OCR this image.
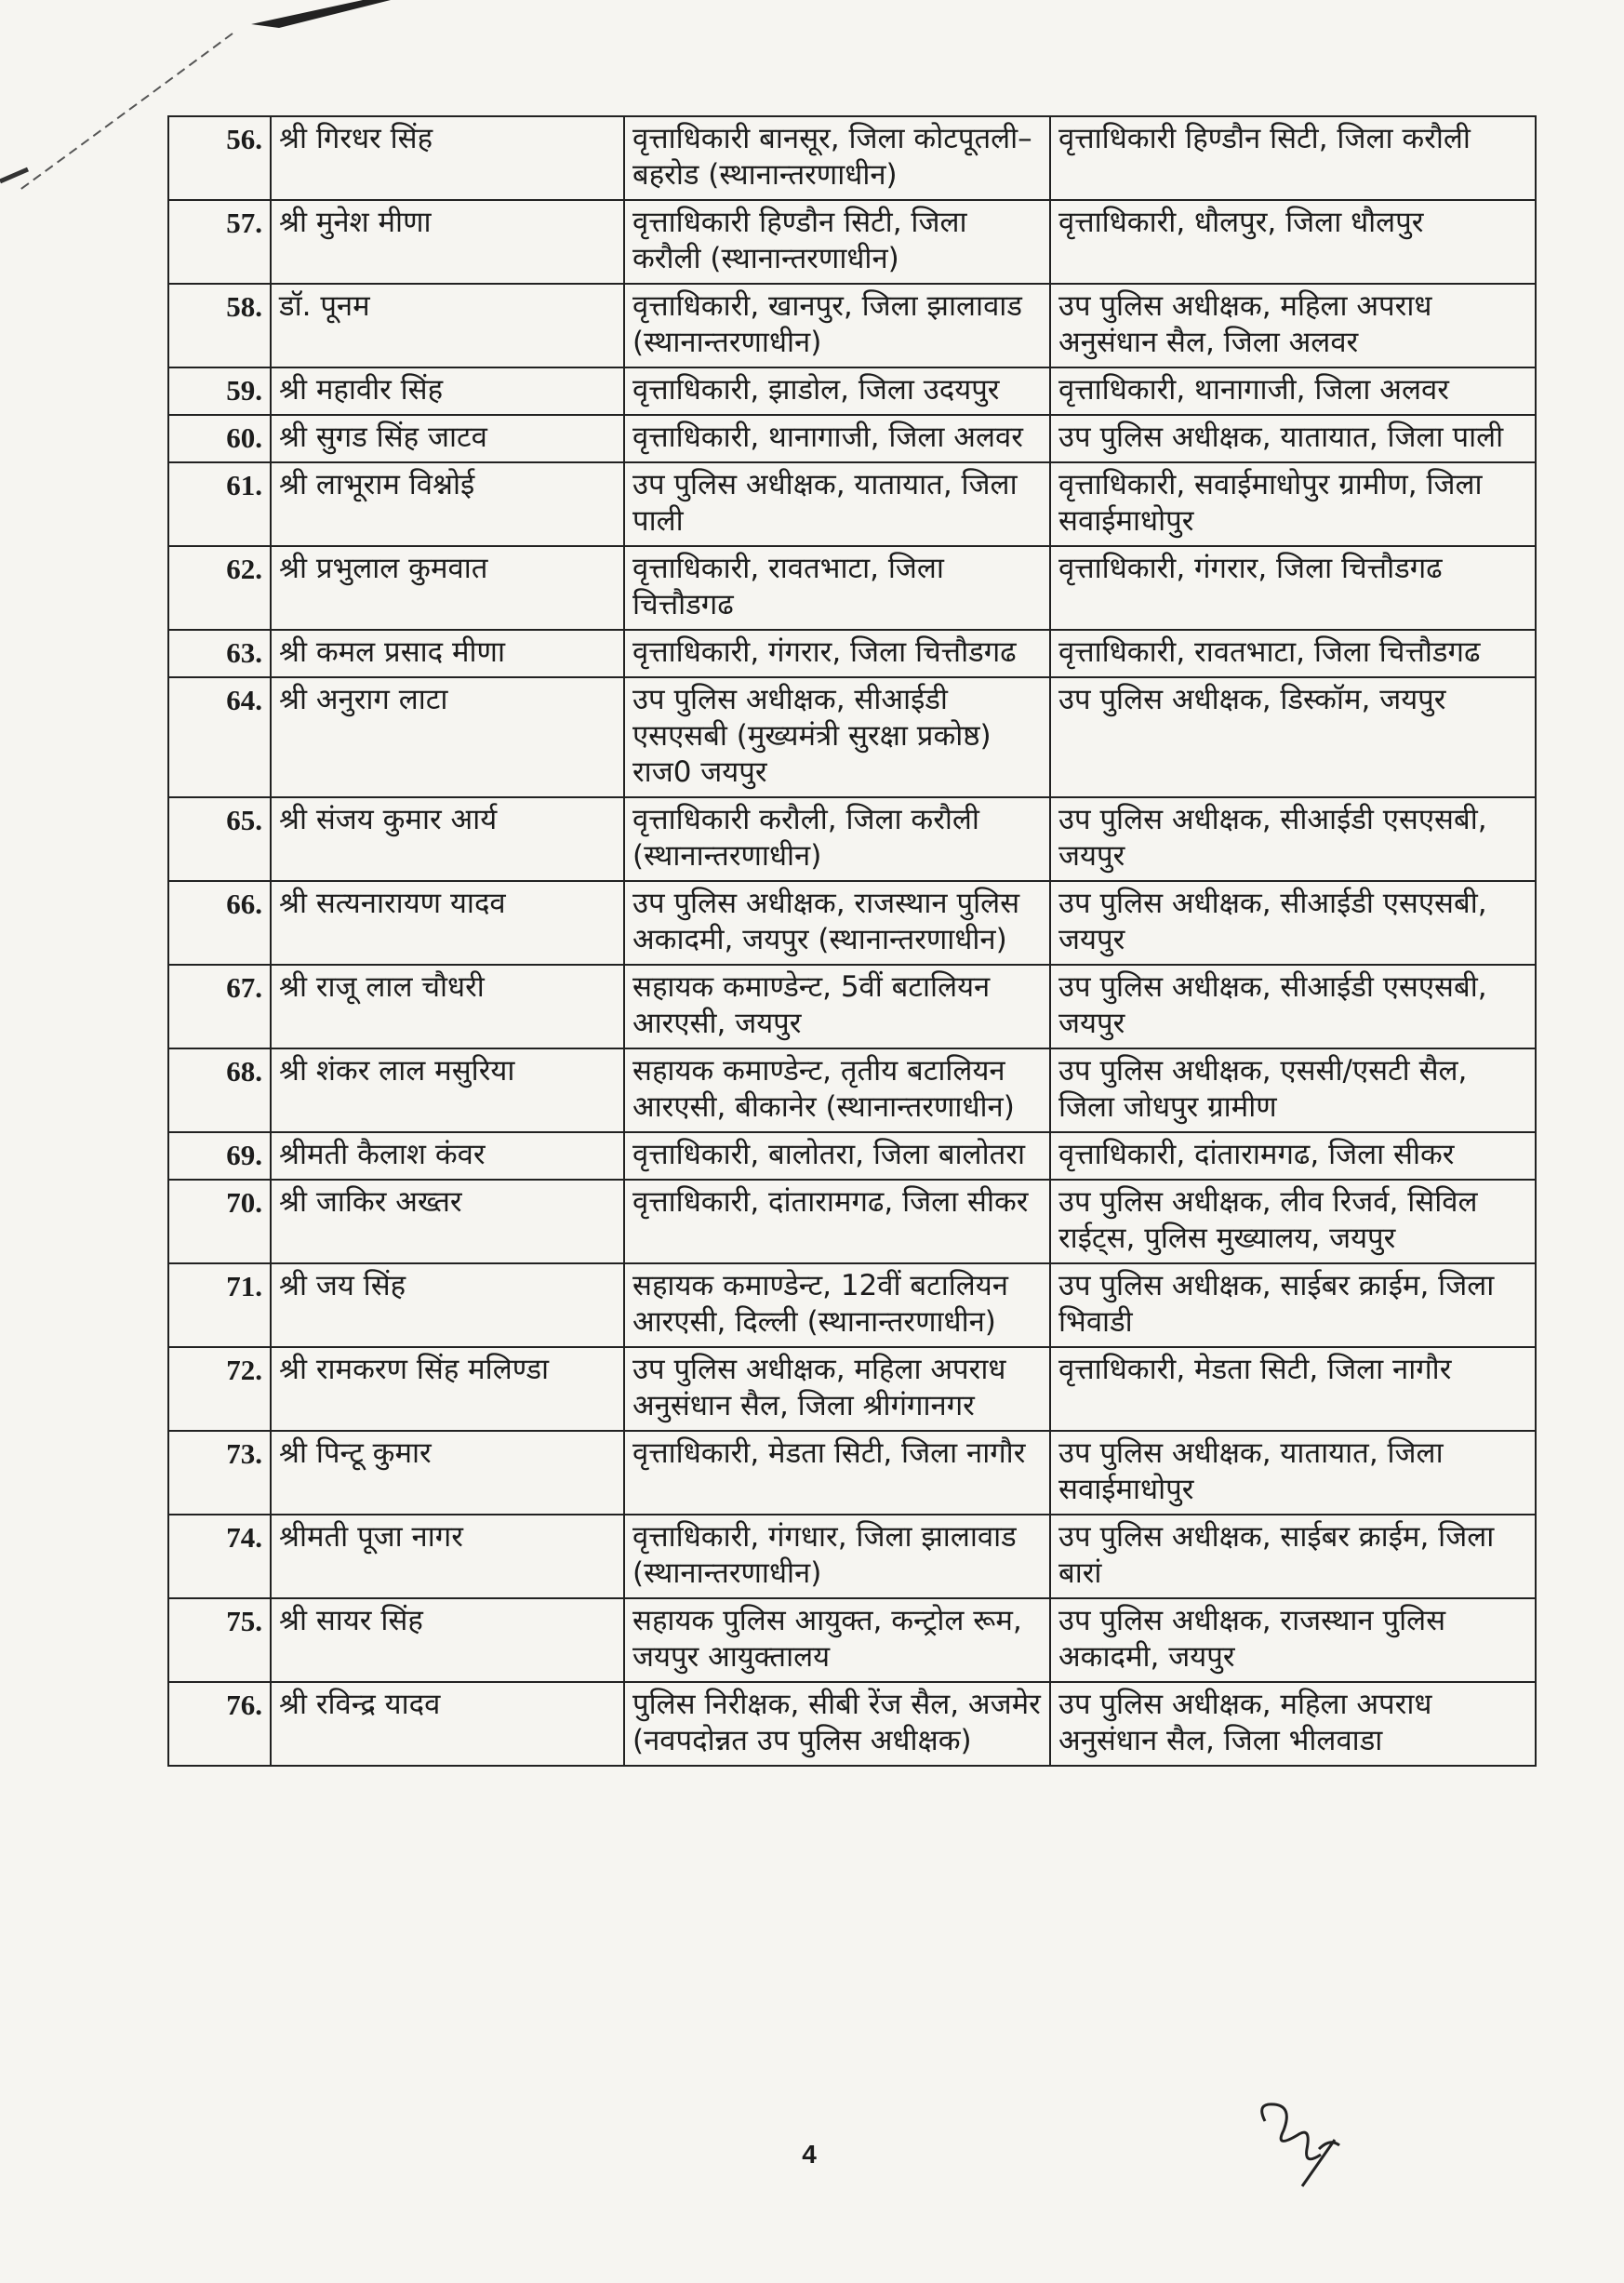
56.	श्री गिरधर सिंह	वृत्ताधिकारी बानसूर, जिला कोटपूतली–बहरोड (स्थानान्तरणाधीन)	वृत्ताधिकारी हिण्डौन सिटी, जिला करौली
57.	श्री मुनेश मीणा	वृत्ताधिकारी हिण्डौन सिटी, जिला करौली (स्थानान्तरणाधीन)	वृत्ताधिकारी, धौलपुर, जिला धौलपुर
58.	डॉ. पूनम	वृत्ताधिकारी, खानपुर, जिला झालावाड (स्थानान्तरणाधीन)	उप पुलिस अधीक्षक, महिला अपराध अनुसंधान सैल, जिला अलवर
59.	श्री महावीर सिंह	वृत्ताधिकारी, झाडोल, जिला उदयपुर	वृत्ताधिकारी, थानागाजी, जिला अलवर
60.	श्री सुगड सिंह जाटव	वृत्ताधिकारी, थानागाजी, जिला अलवर	उप पुलिस अधीक्षक, यातायात, जिला पाली
61.	श्री लाभूराम विश्नोई	उप पुलिस अधीक्षक, यातायात, जिला पाली	वृत्ताधिकारी, सवाईमाधोपुर ग्रामीण, जिला सवाईमाधोपुर
62.	श्री प्रभुलाल कुमवात	वृत्ताधिकारी, रावतभाटा, जिला चित्तौडगढ	वृत्ताधिकारी, गंगरार, जिला चित्तौडगढ
63.	श्री कमल प्रसाद मीणा	वृत्ताधिकारी, गंगरार, जिला चित्तौडगढ	वृत्ताधिकारी, रावतभाटा, जिला चित्तौडगढ
64.	श्री अनुराग लाटा	उप पुलिस अधीक्षक, सीआईडी एसएसबी (मुख्यमंत्री सुरक्षा प्रकोष्ठ) राज0 जयपुर	उप पुलिस अधीक्षक, डिस्कॉम, जयपुर
65.	श्री संजय कुमार आर्य	वृत्ताधिकारी करौली, जिला करौली (स्थानान्तरणाधीन)	उप पुलिस अधीक्षक, सीआईडी एसएसबी, जयपुर
66.	श्री सत्यनारायण यादव	उप पुलिस अधीक्षक, राजस्थान पुलिस अकादमी, जयपुर (स्थानान्तरणाधीन)	उप पुलिस अधीक्षक, सीआईडी एसएसबी, जयपुर
67.	श्री राजू लाल चौधरी	सहायक कमाण्डेन्ट, 5वीं बटालियन आरएसी, जयपुर	उप पुलिस अधीक्षक, सीआईडी एसएसबी, जयपुर
68.	श्री शंकर लाल मसुरिया	सहायक कमाण्डेन्ट, तृतीय बटालियन आरएसी, बीकानेर (स्थानान्तरणाधीन)	उप पुलिस अधीक्षक, एससी/एसटी सैल, जिला जोधपुर ग्रामीण
69.	श्रीमती कैलाश कंवर	वृत्ताधिकारी, बालोतरा, जिला बालोतरा	वृत्ताधिकारी, दांतारामगढ, जिला सीकर
70.	श्री जाकिर अख्तर	वृत्ताधिकारी, दांतारामगढ, जिला सीकर	उप पुलिस अधीक्षक, लीव रिजर्व, सिविल राईट्स, पुलिस मुख्यालय, जयपुर
71.	श्री जय सिंह	सहायक कमाण्डेन्ट, 12वीं बटालियन आरएसी, दिल्ली (स्थानान्तरणाधीन)	उप पुलिस अधीक्षक, साईबर क्राईम, जिला भिवाडी
72.	श्री रामकरण सिंह मलिण्डा	उप पुलिस अधीक्षक, महिला अपराध अनुसंधान सैल, जिला श्रीगंगानगर	वृत्ताधिकारी, मेडता सिटी, जिला नागौर
73.	श्री पिन्टू कुमार	वृत्ताधिकारी, मेडता सिटी, जिला नागौर	उप पुलिस अधीक्षक, यातायात, जिला सवाईमाधोपुर
74.	श्रीमती पूजा नागर	वृत्ताधिकारी, गंगधार, जिला झालावाड (स्थानान्तरणाधीन)	उप पुलिस अधीक्षक, साईबर क्राईम, जिला बारां
75.	श्री सायर सिंह	सहायक पुलिस आयुक्त, कन्ट्रोल रूम, जयपुर आयुक्तालय	उप पुलिस अधीक्षक, राजस्थान पुलिस अकादमी, जयपुर
76.	श्री रविन्द्र यादव	पुलिस निरीक्षक, सीबी रेंज सैल, अजमेर (नवपदोन्नत उप पुलिस अधीक्षक)	उप पुलिस अधीक्षक, महिला अपराध अनुसंधान सैल, जिला भीलवाडा
4
